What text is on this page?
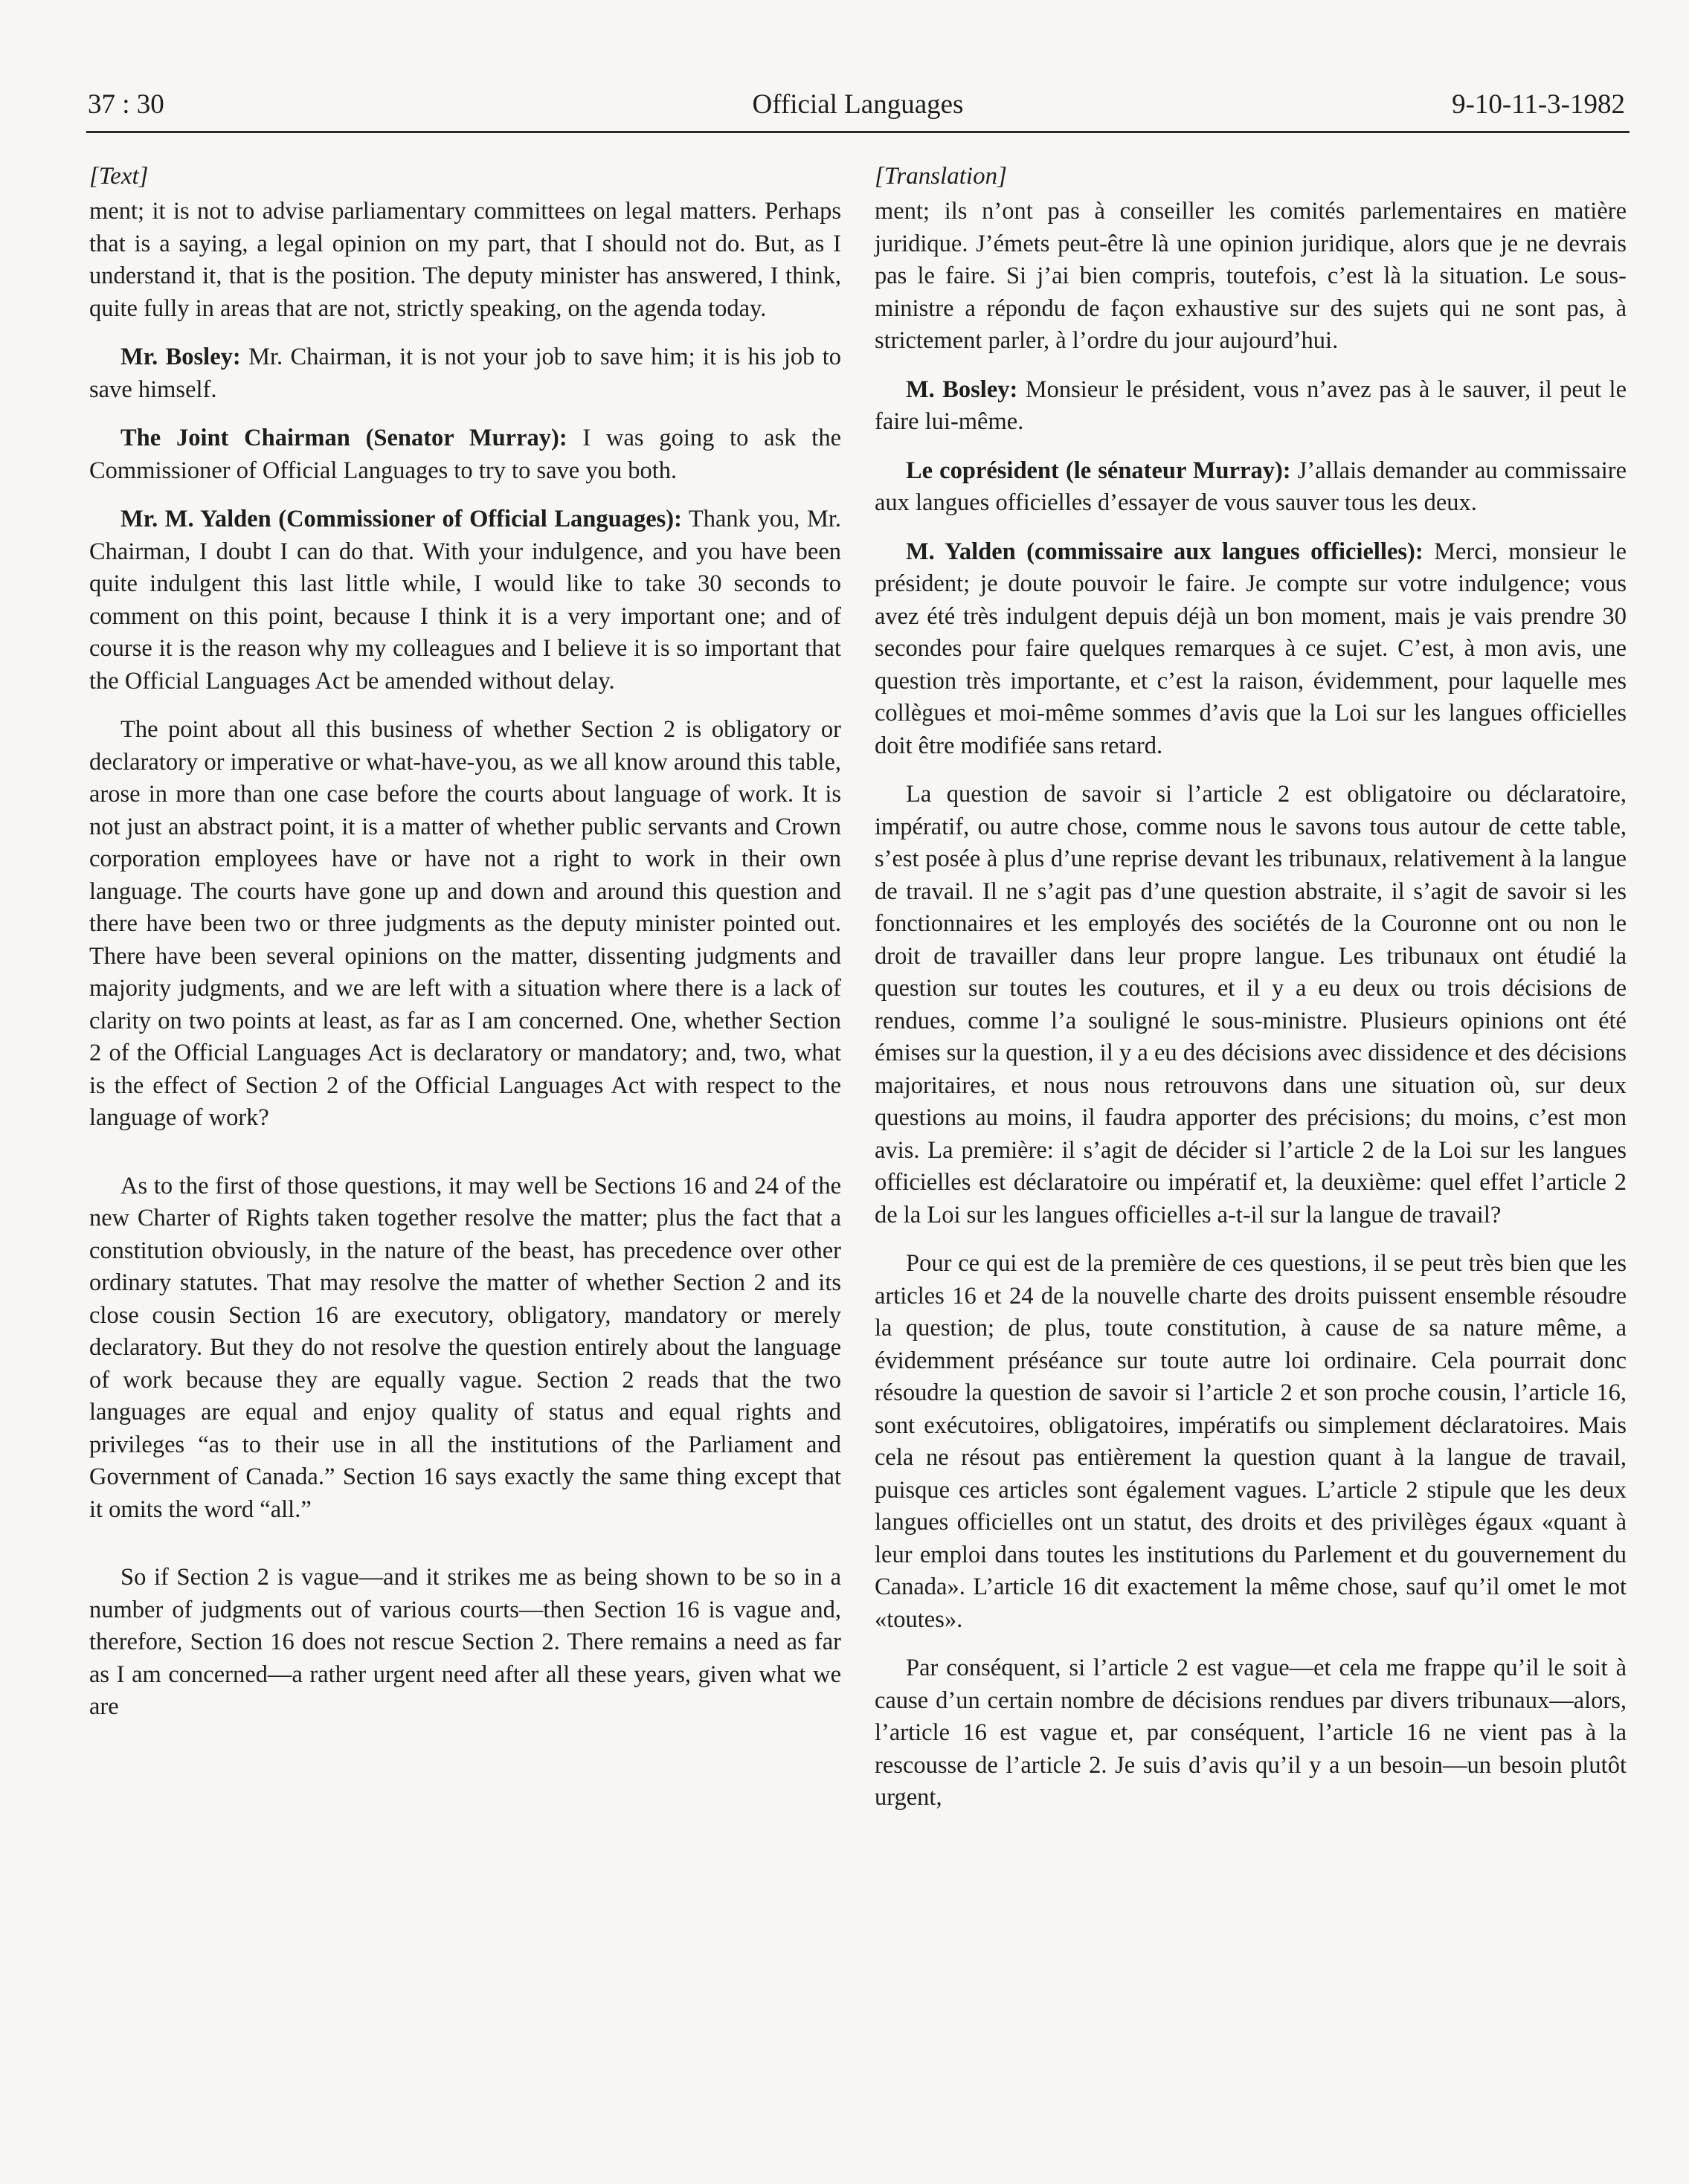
37 : 30	Official Languages	9-10-11-3-1982
[Text]

ment; it is not to advise parliamentary committees on legal matters. Perhaps that is a saying, a legal opinion on my part, that I should not do. But, as I understand it, that is the position. The deputy minister has answered, I think, quite fully in areas that are not, strictly speaking, on the agenda today.

Mr. Bosley: Mr. Chairman, it is not your job to save him; it is his job to save himself.

The Joint Chairman (Senator Murray): I was going to ask the Commissioner of Official Languages to try to save you both.

Mr. M. Yalden (Commissioner of Official Languages): Thank you, Mr. Chairman, I doubt I can do that. With your indulgence, and you have been quite indulgent this last little while, I would like to take 30 seconds to comment on this point, because I think it is a very important one; and of course it is the reason why my colleagues and I believe it is so important that the Official Languages Act be amended without delay.

The point about all this business of whether Section 2 is obligatory or declaratory or imperative or what-have-you, as we all know around this table, arose in more than one case before the courts about language of work. It is not just an abstract point, it is a matter of whether public servants and Crown corporation employees have or have not a right to work in their own language. The courts have gone up and down and around this question and there have been two or three judgments as the deputy minister pointed out. There have been several opinions on the matter, dissenting judgments and majority judgments, and we are left with a situation where there is a lack of clarity on two points at least, as far as I am concerned. One, whether Section 2 of the Official Languages Act is declaratory or mandatory; and, two, what is the effect of Section 2 of the Official Languages Act with respect to the language of work?

As to the first of those questions, it may well be Sections 16 and 24 of the new Charter of Rights taken together resolve the matter; plus the fact that a constitution obviously, in the nature of the beast, has precedence over other ordinary statutes. That may resolve the matter of whether Section 2 and its close cousin Section 16 are executory, obligatory, mandatory or merely declaratory. But they do not resolve the question entirely about the language of work because they are equally vague. Section 2 reads that the two languages are equal and enjoy quality of status and equal rights and privileges “as to their use in all the institutions of the Parliament and Government of Canada.” Section 16 says exactly the same thing except that it omits the word “all.”

So if Section 2 is vague—and it strikes me as being shown to be so in a number of judgments out of various courts—then Section 16 is vague and, therefore, Section 16 does not rescue Section 2. There remains a need as far as I am concerned—a rather urgent need after all these years, given what we are

[Translation]

ment; ils n’ont pas à conseiller les comités parlementaires en matière juridique. J’émets peut-être là une opinion juridique, alors que je ne devrais pas le faire. Si j’ai bien compris, toutefois, c’est là la situation. Le sous-ministre a répondu de façon exhaustive sur des sujets qui ne sont pas, à strictement parler, à l’ordre du jour aujourd’hui.

M. Bosley: Monsieur le président, vous n’avez pas à le sauver, il peut le faire lui-même.

Le coprésident (le sénateur Murray): J’allais demander au commissaire aux langues officielles d’essayer de vous sauver tous les deux.

M. Yalden (commissaire aux langues officielles): Merci, monsieur le président; je doute pouvoir le faire. Je compte sur votre indulgence; vous avez été très indulgent depuis déjà un bon moment, mais je vais prendre 30 secondes pour faire quelques remarques à ce sujet. C’est, à mon avis, une question très importante, et c’est la raison, évidemment, pour laquelle mes collègues et moi-même sommes d’avis que la Loi sur les langues officielles doit être modifiée sans retard.

La question de savoir si l’article 2 est obligatoire ou déclaratoire, impératif, ou autre chose, comme nous le savons tous autour de cette table, s’est posée à plus d’une reprise devant les tribunaux, relativement à la langue de travail. Il ne s’agit pas d’une question abstraite, il s’agit de savoir si les fonctionnaires et les employés des sociétés de la Couronne ont ou non le droit de travailler dans leur propre langue. Les tribunaux ont étudié la question sur toutes les coutures, et il y a eu deux ou trois décisions de rendues, comme l’a souligné le sous-ministre. Plusieurs opinions ont été émises sur la question, il y a eu des décisions avec dissidence et des décisions majoritaires, et nous nous retrouvons dans une situation où, sur deux questions au moins, il faudra apporter des précisions; du moins, c’est mon avis. La première: il s’agit de décider si l’article 2 de la Loi sur les langues officielles est déclaratoire ou impératif et, la deuxième: quel effet l’article 2 de la Loi sur les langues officielles a-t-il sur la langue de travail?

Pour ce qui est de la première de ces questions, il se peut très bien que les articles 16 et 24 de la nouvelle charte des droits puissent ensemble résoudre la question; de plus, toute constitution, à cause de sa nature même, a évidemment préséance sur toute autre loi ordinaire. Cela pourrait donc résoudre la question de savoir si l’article 2 et son proche cousin, l’article 16, sont exécutoires, obligatoires, impératifs ou simplement déclaratoires. Mais cela ne résout pas entièrement la question quant à la langue de travail, puisque ces articles sont également vagues. L’article 2 stipule que les deux langues officielles ont un statut, des droits et des privilèges égaux «quant à leur emploi dans toutes les institutions du Parlement et du gouvernement du Canada». L’article 16 dit exactement la même chose, sauf qu’il omet le mot «toutes».

Par conséquent, si l’article 2 est vague—et cela me frappe qu’il le soit à cause d’un certain nombre de décisions rendues par divers tribunaux—alors, l’article 16 est vague et, par conséquent, l’article 16 ne vient pas à la rescousse de l’article 2. Je suis d’avis qu’il y a un besoin—un besoin plutôt urgent,
